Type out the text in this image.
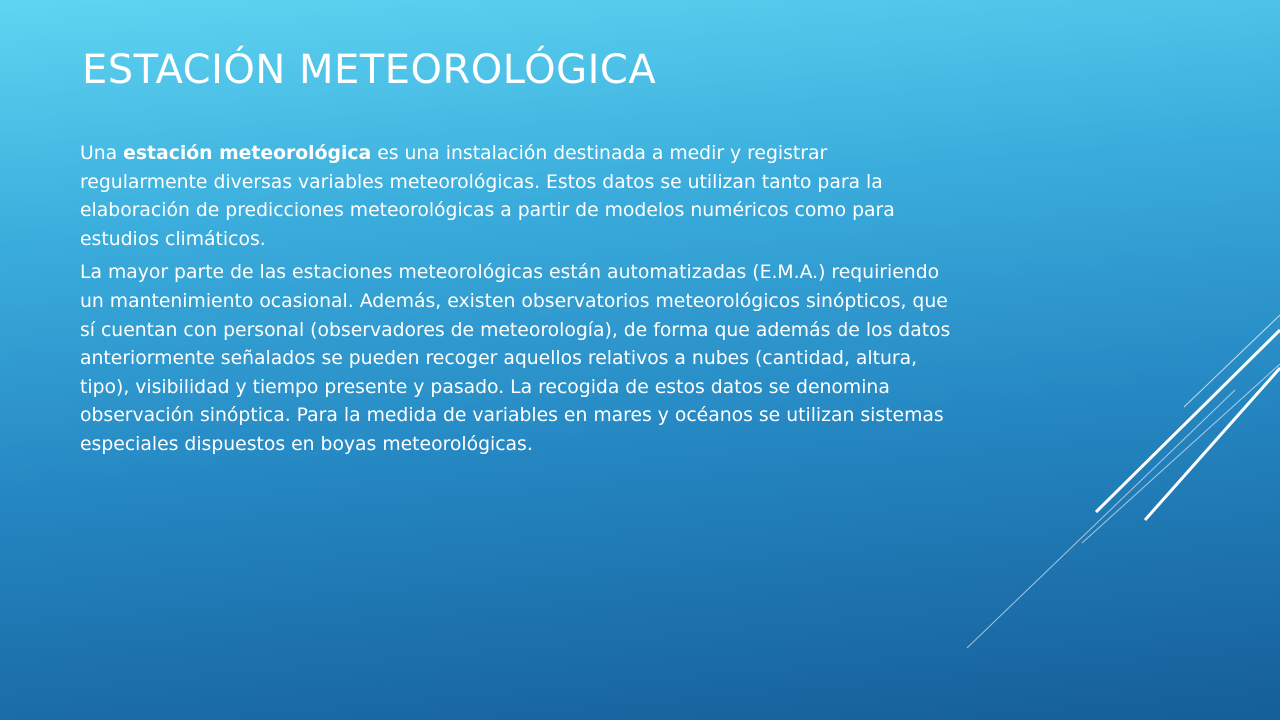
ESTACIÓN METEOROLÓGICA

Una estación meteorológica es una instalación destinada a medir y registrar regularmente diversas variables meteorológicas. Estos datos se utilizan tanto para la elaboración de predicciones meteorológicas a partir de modelos numéricos como para estudios climáticos.

La mayor parte de las estaciones meteorológicas están automatizadas (E.M.A.) requiriendo un mantenimiento ocasional. Además, existen observatorios meteorológicos sinópticos, que sí cuentan con personal (observadores de meteorología), de forma que además de los datos anteriormente señalados se pueden recoger aquellos relativos a nubes (cantidad, altura, tipo), visibilidad y tiempo presente y pasado. La recogida de estos datos se denomina observación sinóptica. Para la medida de variables en mares y océanos se utilizan sistemas especiales dispuestos en boyas meteorológicas.
